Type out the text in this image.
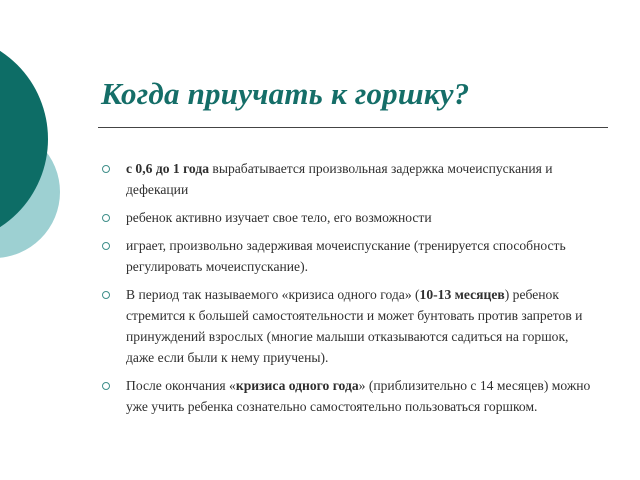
Когда приучать к горшку?
с 0,6 до 1 года вырабатывается произвольная задержка мочеиспускания и дефекации
ребенок активно изучает свое тело, его возможности
играет, произвольно задерживая мочеиспускание (тренируется способность регулировать мочеиспускание).
В период так называемого «кризиса одного года» (10-13 месяцев) ребенок стремится к большей самостоятельности и может бунтовать против запретов и принуждений взрослых (многие малыши отказываются садиться на горшок, даже если были к нему приучены).
После окончания «кризиса одного года» (приблизительно с 14 месяцев) можно уже учить ребенка сознательно самостоятельно пользоваться горшком.
